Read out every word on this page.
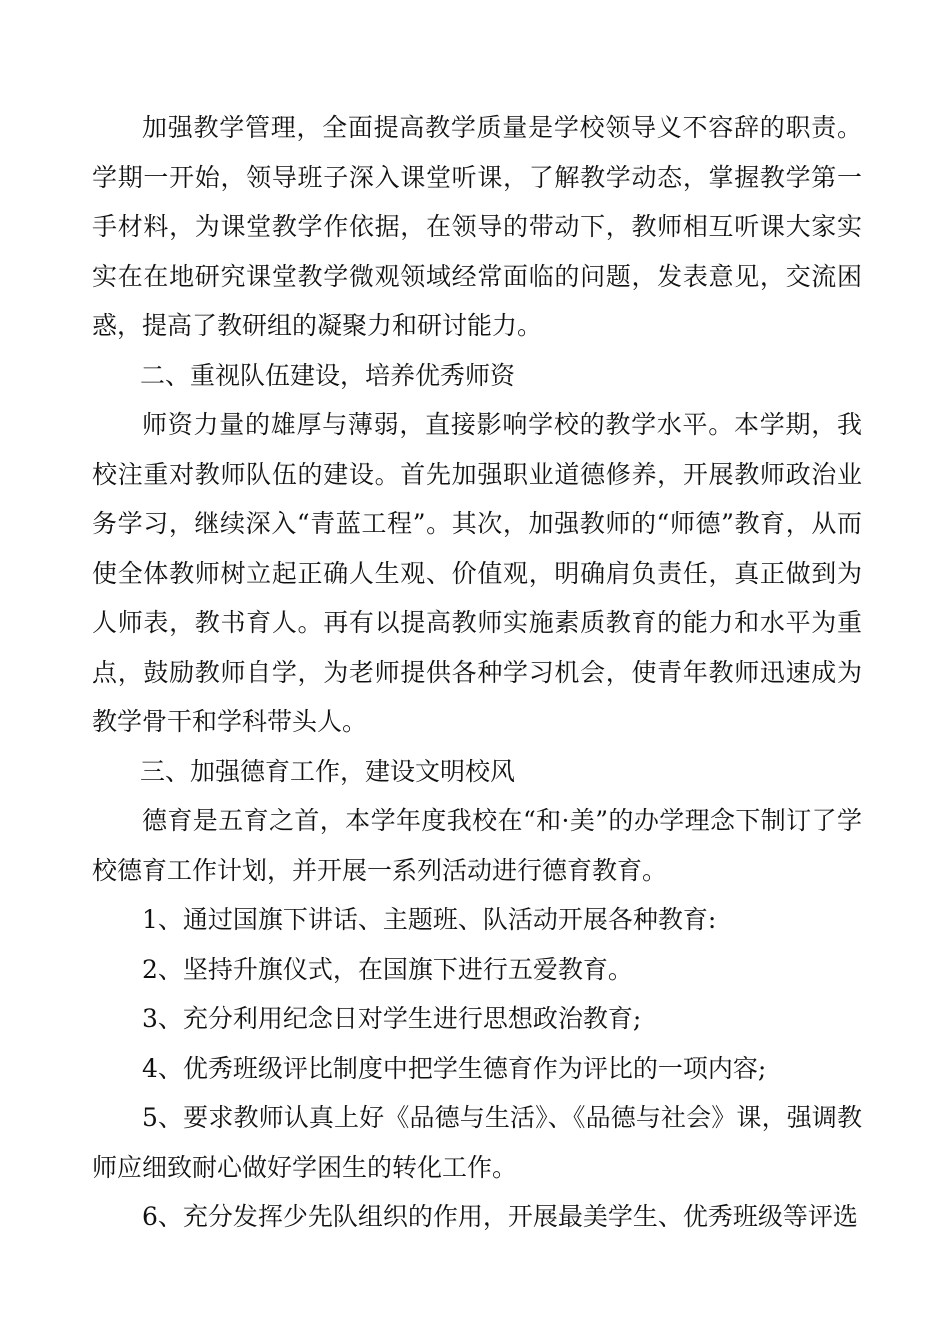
加强教学管理，全面提高教学质量是学校领导义不容辞的职责。学期一开始，领导班子深入课堂听课，了解教学动态，掌握教学第一手材料，为课堂教学作依据，在领导的带动下，教师相互听课大家实实在在地研究课堂教学微观领域经常面临的问题，发表意见，交流困惑，提高了教研组的凝聚力和研讨能力。

二、重视队伍建设，培养优秀师资

师资力量的雄厚与薄弱，直接影响学校的教学水平。本学期，我校注重对教师队伍的建设。首先加强职业道德修养，开展教师政治业务学习，继续深入“青蓝工程”。其次，加强教师的“师德”教育，从而使全体教师树立起正确人生观、价值观，明确肩负责任，真正做到为人师表，教书育人。再有以提高教师实施素质教育的能力和水平为重点，鼓励教师自学，为老师提供各种学习机会，使青年教师迅速成为教学骨干和学科带头人。

三、加强德育工作，建设文明校风

德育是五育之首，本学年度我校在“和·美”的办学理念下制订了学校德育工作计划，并开展一系列活动进行德育教育。

1、通过国旗下讲话、主题班、队活动开展各种教育:

2、坚持升旗仪式，在国旗下进行五爱教育。

3、充分利用纪念日对学生进行思想政治教育;

4、优秀班级评比制度中把学生德育作为评比的一项内容;

5、要求教师认真上好《品德与生活》、《品德与社会》课，强调教师应细致耐心做好学困生的转化工作。

6、充分发挥少先队组织的作用，开展最美学生、优秀班级等评选
